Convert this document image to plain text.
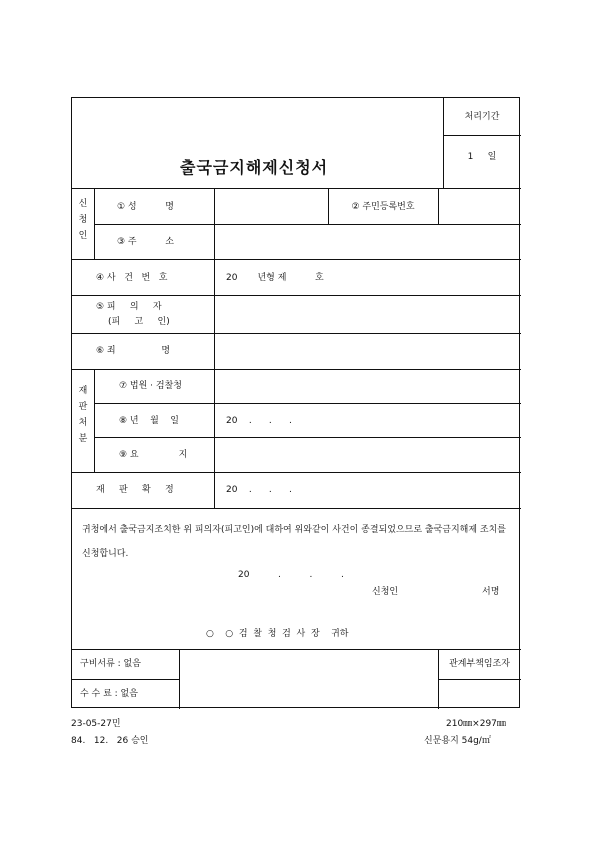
출국금지해제신청서
처리기간
1     일
신청인
① 성          명	② 주민등록번호
③ 주          소
④ 사   건   번   호	20       년형 제          호
⑤ 피     의     자
(피     고     인)
⑥ 죄                명
재판처분
⑦ 법원 · 검찰청
⑧ 년    월    일	20    .      .      .
⑨ 요              지
재     판     확     정	20    .      .      .
귀청에서 출국금지조치한 위 피의자(피고인)에 대하여 위와같이 사건이 종결되었으므로 출국금지해제 조치를 신청합니다.
20          .          .          .
신청인	서명
○    ○  검  찰  청  검  사  장    귀하
구비서류 : 없음
수 수 료 : 없음
관계부책임조자
23-05-27민
84.   12.   26 승인
210㎜×297㎜
신문용지 54g/㎡
